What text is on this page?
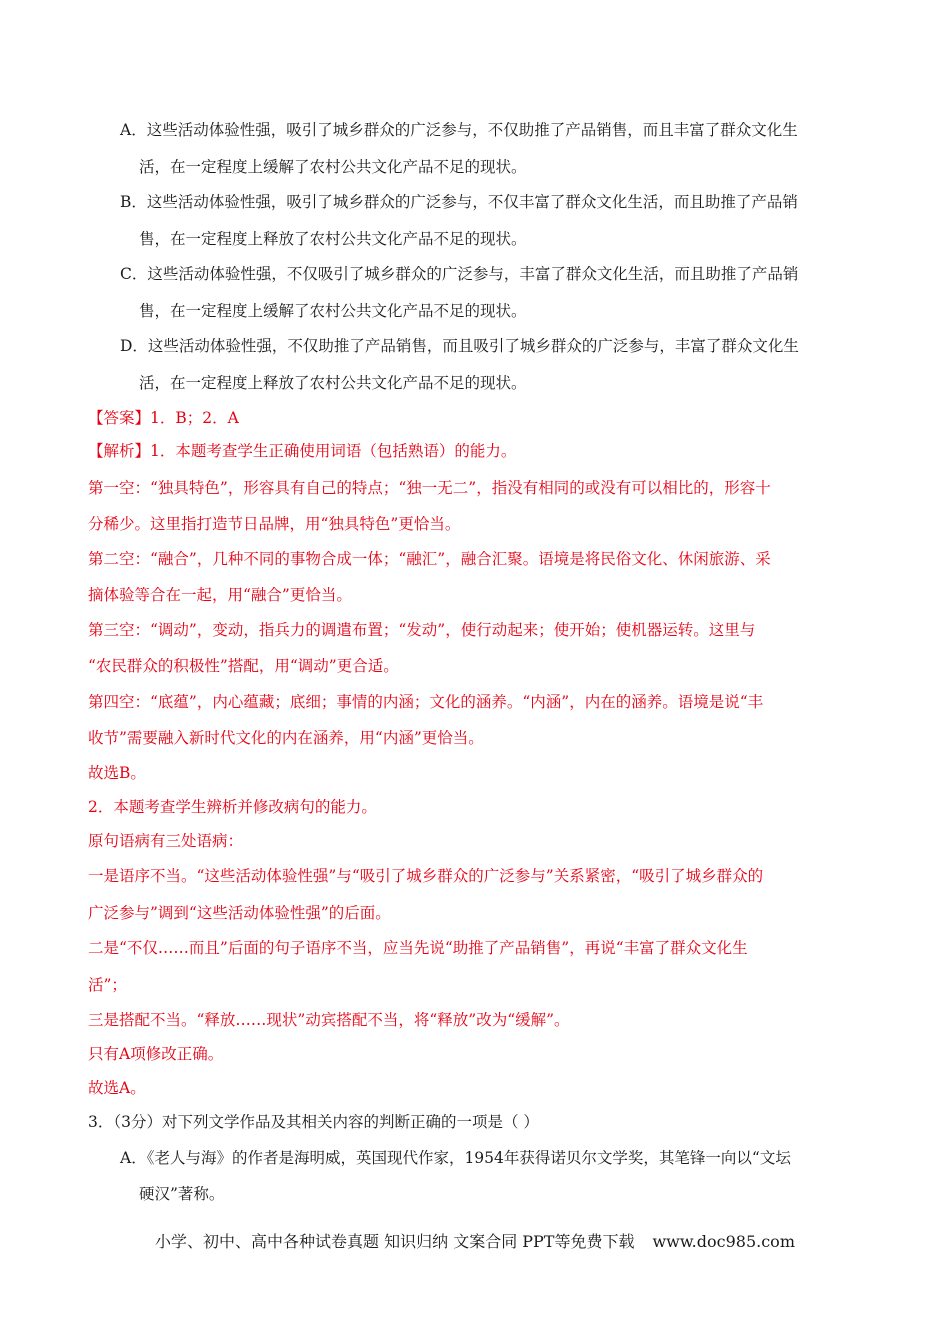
A．这些活动体验性强，吸引了城乡群众的广泛参与，不仅助推了产品销售，而且丰富了群众文化生
活，在一定程度上缓解了农村公共文化产品不足的现状。
B．这些活动体验性强，吸引了城乡群众的广泛参与，不仅丰富了群众文化生活，而且助推了产品销
售，在一定程度上释放了农村公共文化产品不足的现状。
C．这些活动体验性强，不仅吸引了城乡群众的广泛参与，丰富了群众文化生活，而且助推了产品销
售，在一定程度上缓解了农村公共文化产品不足的现状。
D．这些活动体验性强，不仅助推了产品销售，而且吸引了城乡群众的广泛参与，丰富了群众文化生
活，在一定程度上释放了农村公共文化产品不足的现状。
【答案】1．B；2．A
【解析】1．本题考查学生正确使用词语（包括熟语）的能力。
第一空：“独具特色”，形容具有自己的特点；“独一无二”，指没有相同的或没有可以相比的，形容十
分稀少。这里指打造节日品牌，用“独具特色”更恰当。
第二空：“融合”，几种不同的事物合成一体；“融汇”，融合汇聚。语境是将民俗文化、休闲旅游、采
摘体验等合在一起，用“融合”更恰当。
第三空：“调动”，变动，指兵力的调遣布置；“发动”，使行动起来；使开始；使机器运转。这里与
“农民群众的积极性”搭配，用“调动”更合适。
第四空：“底蕴”，内心蕴藏；底细；事情的内涵；文化的涵养。“内涵”，内在的涵养。语境是说“丰
收节”需要融入新时代文化的内在涵养，用“内涵”更恰当。
故选B。
2．本题考查学生辨析并修改病句的能力。
原句语病有三处语病：
一是语序不当。“这些活动体验性强”与“吸引了城乡群众的广泛参与”关系紧密，“吸引了城乡群众的
广泛参与”调到“这些活动体验性强”的后面。
二是“不仅……而且”后面的句子语序不当，应当先说“助推了产品销售”，再说“丰富了群众文化生
活”；
三是搭配不当。“释放……现状”动宾搭配不当，将“释放”改为“缓解”。
只有A项修改正确。
故选A。
3．（3分）对下列文学作品及其相关内容的判断正确的一项是（ ）
A．《老人与海》的作者是海明威，英国现代作家，1954年获得诺贝尔文学奖，其笔锋一向以“文坛
硬汉”著称。
小学、初中、高中各种试卷真题 知识归纳 文案合同 PPT等免费下载 www.doc985.com
